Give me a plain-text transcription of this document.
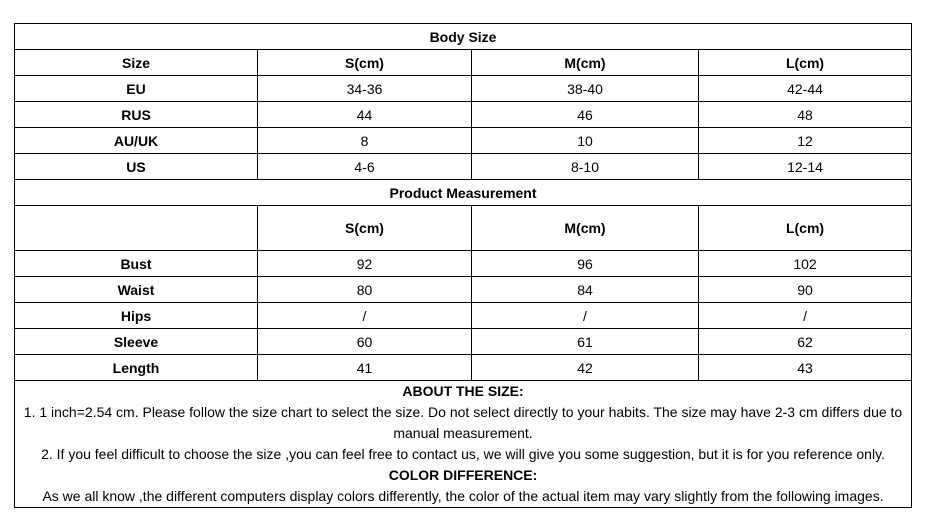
Body Size			
Size	S(cm)	M(cm)	L(cm)
EU	34-36	38-40	42-44
RUS	44	46	48
AU/UK	8	10	12
US	4-6	8-10	12-14
Product Measurement			
	S(cm)	M(cm)	L(cm)
Bust	92	96	102
Waist	80	84	90
Hips	/	/	/
Sleeve	60	61	62
Length	41	42	43

ABOUT THE SIZE:
1. 1 inch=2.54 cm. Please follow the size chart to select the size. Do not select directly to your habits. The size may have 2-3 cm differs due to manual measurement.
2. If you feel difficult to choose the size ,you can feel free to contact us, we will give you some suggestion, but it is for you reference only.
COLOR DIFFERENCE:
As we all know ,the different computers display colors differently, the color of the actual item may vary slightly from the following images.			
